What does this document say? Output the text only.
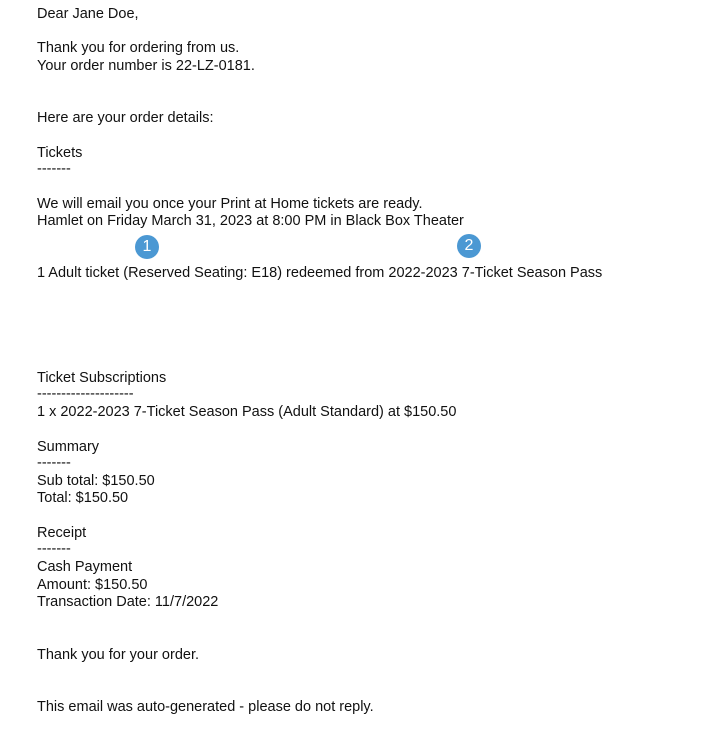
Dear Jane Doe,
Thank you for ordering from us.
Your order number is 22-LZ-0181.
Here are your order details:
Tickets
-------
We will email you once your Print at Home tickets are ready.
Hamlet on Friday March 31, 2023 at 8:00 PM in Black Box Theater
1	2
1 Adult ticket (Reserved Seating: E18) redeemed from 2022-2023 7-Ticket Season Pass
Ticket Subscriptions
--------------------
1 x 2022-2023 7-Ticket Season Pass (Adult Standard) at $150.50
Summary
-------
Sub total: $150.50
Total: $150.50
Receipt
-------
Cash Payment
Amount: $150.50
Transaction Date: 11/7/2022
Thank you for your order.
This email was auto-generated - please do not reply.
